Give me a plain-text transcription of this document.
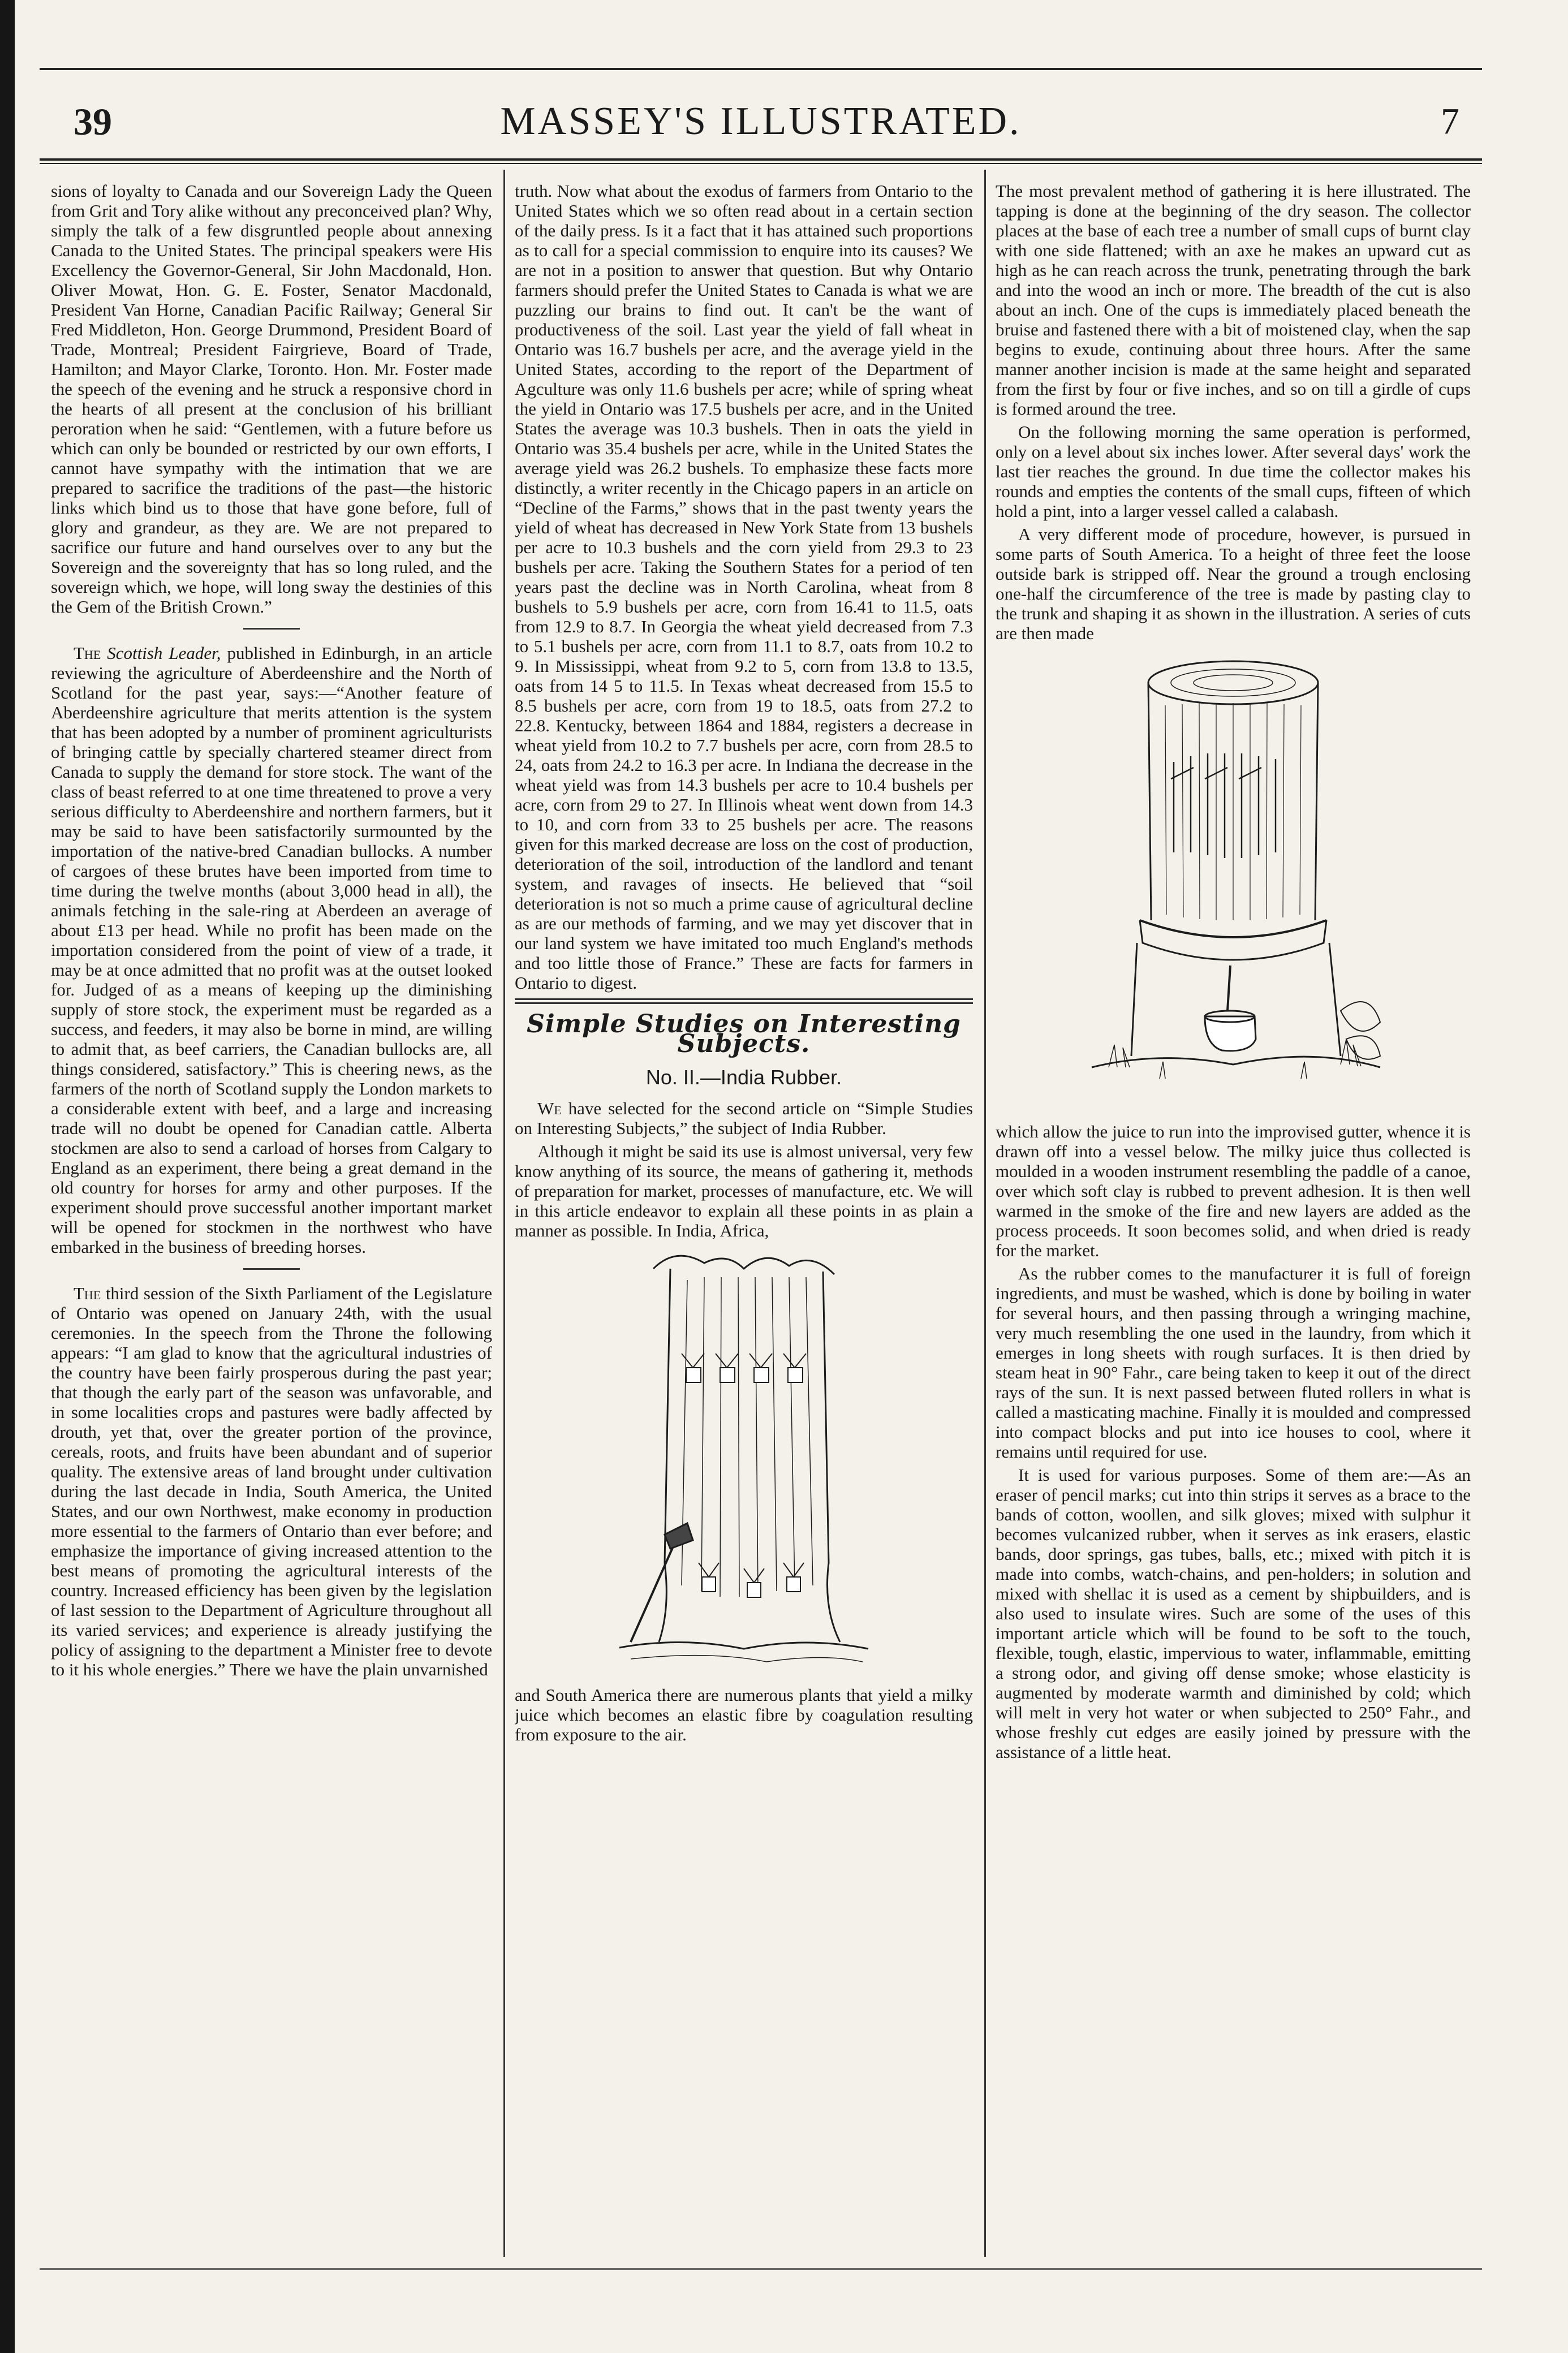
39	MASSEY'S ILLUSTRATED.	7

sions of loyalty to Canada and our Sovereign Lady the Queen from Grit and Tory alike without any preconceived plan? Why, simply the talk of a few disgruntled people about annexing Canada to the United States. The principal speakers were His Excellency the Governor-General, Sir John Macdonald, Hon. Oliver Mowat, Hon. G. E. Foster, Senator Macdonald, President Van Horne, Canadian Pacific Railway; General Sir Fred Middleton, Hon. George Drummond, President Board of Trade, Montreal; President Fairgrieve, Board of Trade, Hamilton; and Mayor Clarke, Toronto. Hon. Mr. Foster made the speech of the evening and he struck a responsive chord in the hearts of all present at the conclusion of his brilliant peroration when he said: “Gentlemen, with a future before us which can only be bounded or restricted by our own efforts, I cannot have sympathy with the intimation that we are prepared to sacrifice the traditions of the past—the historic links which bind us to those that have gone before, full of glory and grandeur, as they are. We are not prepared to sacrifice our future and hand ourselves over to any but the Sovereign and the sovereignty that has so long ruled, and the sovereign which, we hope, will long sway the destinies of this the Gem of the British Crown.”

The Scottish Leader, published in Edinburgh, in an article reviewing the agriculture of Aberdeenshire and the North of Scotland for the past year, says:—“Another feature of Aberdeenshire agriculture that merits attention is the system that has been adopted by a number of prominent agriculturists of bringing cattle by specially chartered steamer direct from Canada to supply the demand for store stock. The want of the class of beast referred to at one time threatened to prove a very serious difficulty to Aberdeenshire and northern farmers, but it may be said to have been satisfactorily surmounted by the importation of the native-bred Canadian bullocks. A number of cargoes of these brutes have been imported from time to time during the twelve months (about 3,000 head in all), the animals fetching in the sale-ring at Aberdeen an average of about £13 per head. While no profit has been made on the importation considered from the point of view of a trade, it may be at once admitted that no profit was at the outset looked for. Judged of as a means of keeping up the diminishing supply of store stock, the experiment must be regarded as a success, and feeders, it may also be borne in mind, are willing to admit that, as beef carriers, the Canadian bullocks are, all things considered, satisfactory.” This is cheering news, as the farmers of the north of Scotland supply the London markets to a considerable extent with beef, and a large and increasing trade will no doubt be opened for Canadian cattle. Alberta stockmen are also to send a carload of horses from Calgary to England as an experiment, there being a great demand in the old country for horses for army and other purposes. If the experiment should prove successful another important market will be opened for stockmen in the northwest who have embarked in the business of breeding horses.

The third session of the Sixth Parliament of the Legislature of Ontario was opened on January 24th, with the usual ceremonies. In the speech from the Throne the following appears: “I am glad to know that the agricultural industries of the country have been fairly prosperous during the past year; that though the early part of the season was unfavorable, and in some localities crops and pastures were badly affected by drouth, yet that, over the greater portion of the province, cereals, roots, and fruits have been abundant and of superior quality. The extensive areas of land brought under cultivation during the last decade in India, South America, the United States, and our own Northwest, make economy in production more essential to the farmers of Ontario than ever before; and emphasize the importance of giving increased attention to the best means of promoting the agricultural interests of the country. Increased efficiency has been given by the legislation of last session to the Department of Agriculture throughout all its varied services; and experience is already justifying the policy of assigning to the department a Minister free to devote to it his whole energies.” There we have the plain unvarnished

truth. Now what about the exodus of farmers from Ontario to the United States which we so often read about in a certain section of the daily press. Is it a fact that it has attained such proportions as to call for a special commission to enquire into its causes? We are not in a position to answer that question. But why Ontario farmers should prefer the United States to Canada is what we are puzzling our brains to find out. It can't be the want of productiveness of the soil. Last year the yield of fall wheat in Ontario was 16.7 bushels per acre, and the average yield in the United States, according to the report of the Department of Agculture was only 11.6 bushels per acre; while of spring wheat the yield in Ontario was 17.5 bushels per acre, and in the United States the average was 10.3 bushels. Then in oats the yield in Ontario was 35.4 bushels per acre, while in the United States the average yield was 26.2 bushels. To emphasize these facts more distinctly, a writer recently in the Chicago papers in an article on “Decline of the Farms,” shows that in the past twenty years the yield of wheat has decreased in New York State from 13 bushels per acre to 10.3 bushels and the corn yield from 29.3 to 23 bushels per acre. Taking the Southern States for a period of ten years past the decline was in North Carolina, wheat from 8 bushels to 5.9 bushels per acre, corn from 16.41 to 11.5, oats from 12.9 to 8.7. In Georgia the wheat yield decreased from 7.3 to 5.1 bushels per acre, corn from 11.1 to 8.7, oats from 10.2 to 9. In Mississippi, wheat from 9.2 to 5, corn from 13.8 to 13.5, oats from 14 5 to 11.5. In Texas wheat decreased from 15.5 to 8.5 bushels per acre, corn from 19 to 18.5, oats from 27.2 to 22.8. Kentucky, between 1864 and 1884, registers a decrease in wheat yield from 10.2 to 7.7 bushels per acre, corn from 28.5 to 24, oats from 24.2 to 16.3 per acre. In Indiana the decrease in the wheat yield was from 14.3 bushels per acre to 10.4 bushels per acre, corn from 29 to 27. In Illinois wheat went down from 14.3 to 10, and corn from 33 to 25 bushels per acre. The reasons given for this marked decrease are loss on the cost of production, deterioration of the soil, introduction of the landlord and tenant system, and ravages of insects. He believed that “soil deterioration is not so much a prime cause of agricultural decline as are our methods of farming, and we may yet discover that in our land system we have imitated too much England's methods and too little those of France.” These are facts for farmers in Ontario to digest.

Simple Studies on Interesting Subjects.
No. II.—India Rubber.

We have selected for the second article on “Simple Studies on Interesting Subjects,” the subject of India Rubber.

Although it might be said its use is almost universal, very few know anything of its source, the means of gathering it, methods of preparation for market, processes of manufacture, etc. We will in this article endeavor to explain all these points in as plain a manner as possible. In India, Africa,

and South America there are numerous plants that yield a milky juice which becomes an elastic fibre by coagulation resulting from exposure to the air.

The most prevalent method of gathering it is here illustrated. The tapping is done at the beginning of the dry season. The collector places at the base of each tree a number of small cups of burnt clay with one side flattened; with an axe he makes an upward cut as high as he can reach across the trunk, penetrating through the bark and into the wood an inch or more. The breadth of the cut is also about an inch. One of the cups is immediately placed beneath the bruise and fastened there with a bit of moistened clay, when the sap begins to exude, continuing about three hours. After the same manner another incision is made at the same height and separated from the first by four or five inches, and so on till a girdle of cups is formed around the tree.

On the following morning the same operation is performed, only on a level about six inches lower. After several days' work the last tier reaches the ground. In due time the collector makes his rounds and empties the contents of the small cups, fifteen of which hold a pint, into a larger vessel called a calabash.

A very different mode of procedure, however, is pursued in some parts of South America. To a height of three feet the loose outside bark is stripped off. Near the ground a trough enclosing one-half the circumference of the tree is made by pasting clay to the trunk and shaping it as shown in the illustration. A series of cuts are then made

which allow the juice to run into the improvised gutter, whence it is drawn off into a vessel below. The milky juice thus collected is moulded in a wooden instrument resembling the paddle of a canoe, over which soft clay is rubbed to prevent adhesion. It is then well warmed in the smoke of the fire and new layers are added as the process proceeds. It soon becomes solid, and when dried is ready for the market.

As the rubber comes to the manufacturer it is full of foreign ingredients, and must be washed, which is done by boiling in water for several hours, and then passing through a wringing machine, very much resembling the one used in the laundry, from which it emerges in long sheets with rough surfaces. It is then dried by steam heat in 90° Fahr., care being taken to keep it out of the direct rays of the sun. It is next passed between fluted rollers in what is called a masticating machine. Finally it is moulded and compressed into compact blocks and put into ice houses to cool, where it remains until required for use.

It is used for various purposes. Some of them are:—As an eraser of pencil marks; cut into thin strips it serves as a brace to the bands of cotton, woollen, and silk gloves; mixed with sulphur it becomes vulcanized rubber, when it serves as ink erasers, elastic bands, door springs, gas tubes, balls, etc.; mixed with pitch it is made into combs, watch-chains, and pen-holders; in solution and mixed with shellac it is used as a cement by shipbuilders, and is also used to insulate wires. Such are some of the uses of this important article which will be found to be soft to the touch, flexible, tough, elastic, impervious to water, inflammable, emitting a strong odor, and giving off dense smoke; whose elasticity is augmented by moderate warmth and diminished by cold; which will melt in very hot water or when subjected to 250° Fahr., and whose freshly cut edges are easily joined by pressure with the assistance of a little heat.
